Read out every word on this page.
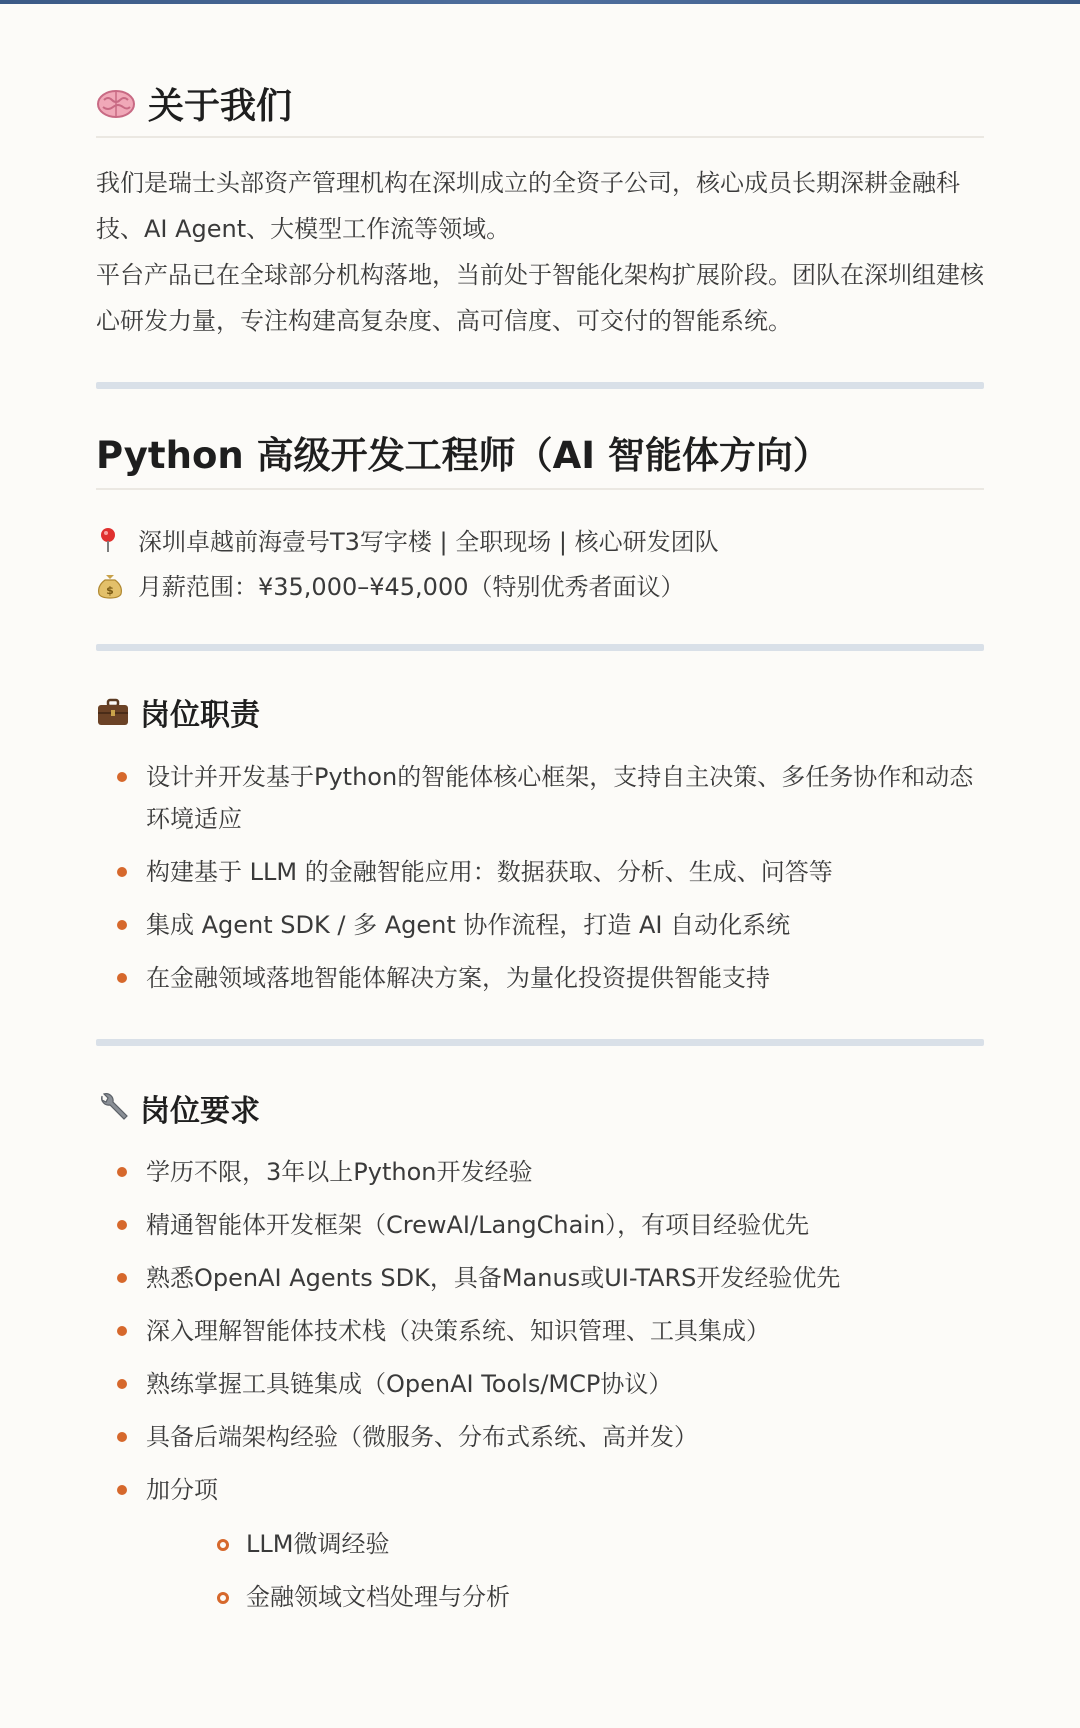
关于我们

我们是瑞士头部资产管理机构在深圳成立的全资子公司，核心成员长期深耕金融科技、AI Agent、大模型工作流等领域。

平台产品已在全球部分机构落地，当前处于智能化架构扩展阶段。团队在深圳组建核心研发力量，专注构建高复杂度、高可信度、可交付的智能系统。

Python 高级开发工程师（AI 智能体方向）
深圳卓越前海壹号T3写字楼 | 全职现场 | 核心研发团队
$ 月薪范围：¥35,000–¥45,000（特别优秀者面议）
岗位职责
设计并开发基于Python的智能体核心框架，支持自主决策、多任务协作和动态环境适应
构建基于 LLM 的金融智能应用：数据获取、分析、生成、问答等
集成 Agent SDK / 多 Agent 协作流程，打造 AI 自动化系统
在金融领域落地智能体解决方案，为量化投资提供智能支持
岗位要求
学历不限，3年以上Python开发经验
精通智能体开发框架（CrewAI/LangChain），有项目经验优先
熟悉OpenAI Agents SDK，具备Manus或UI-TARS开发经验优先
深入理解智能体技术栈（决策系统、知识管理、工具集成）
熟练掌握工具链集成（OpenAI Tools/MCP协议）
具备后端架构经验（微服务、分布式系统、高并发）
加分项
LLM微调经验
金融领域文档处理与分析
